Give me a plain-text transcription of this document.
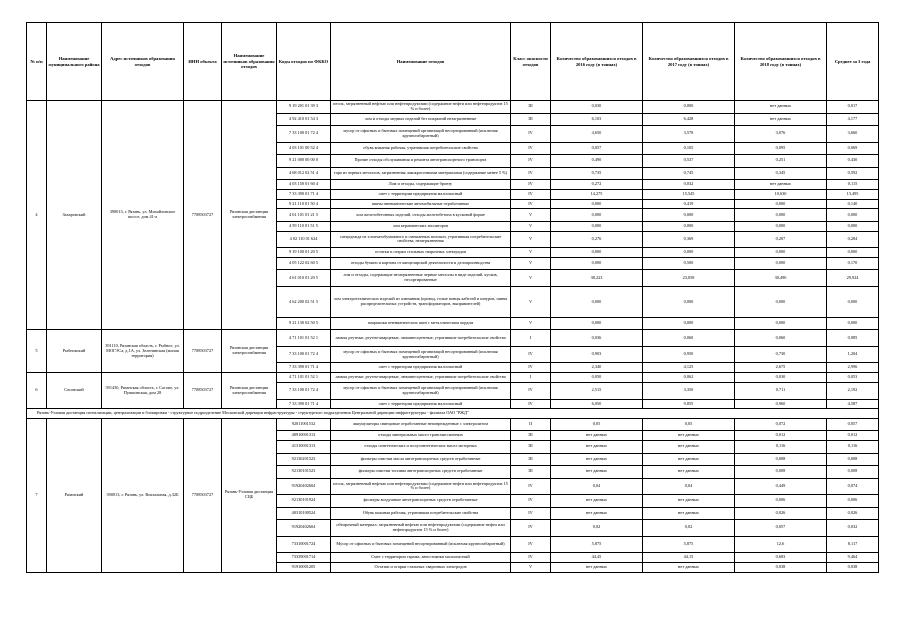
№ п/п	Наименование муниципального района	Адрес источников образования отходов	ИНН объекта	Наименование источников образования отходов	Коды отходов по ФККО	Наименование отходов	Класс опасности отходов	Количество образовавшихся отходов в 2016 году (в тоннах)	Количество образовавшихся отходов в 2017 году (в тоннах)	Количество образовавшихся отходов в 2018 году (в тоннах)	Среднее за 3 года
4	Захаровский	390013, г. Рязань, ул. Михайловское шоссе, дом 41-а	7708503727	Рязанская дистанция электроснабжения	9 19 201 01 39 3	песок, загрязненный нефтью или нефтепродуктами (содержание нефти или нефтепродуктов 15 % и более)	III	0,030	0,000	нет данных	0,017
					4 92 410 01 54 3	лом и отходы медных изделий без покрытий незагрязненные	III	6,103	6,428	нет данных	4,177
					7 33 100 01 72 4	мусор от офисных и бытовых помещений организаций несортированный (исключая крупногабаритный)	IV	4,650	3,578	3,076	3,660
					4 03 101 00 52 4	обувь кожаная рабочая, утратившая потребительские свойства	IV	0,057	0,105	0,095	0,069
					9 21 000 00 00 0	Прочие отходы обслуживания и ремонта автотранспортного транспорта	IV	0,490	0,537	0,251	0,430
					4 68 012 02 51 4	тара из черных металлов, загрязненная лакокрасочными материалами (содержание менее 5 %)	IV	0,735	0,745	0,345	0,592
					4 03 150 01 60 4	Лом и отходы, содержащие бронзу	IV	0,272	0,032	нет данных	0,115
					7 33 390 01 71 4	смет с территории предприятия малоопасный	IV	14,275	15,545	10,630	13,495
					9 21 110 01 50 4	шины пневматические автомобильные отработанные	IV	0,000	0,419	0,000	0,140
					4 61 101 01 21 5	лом железобетонных изделий, отходы железобетона в кусковой форме	V	0,000	0,000	0,000	0,000
					4 59 110 01 51 5	лом керамических изоляторов	V	0,000	0,000	0,000	0,000
					4 02 110 01 624	спецодежда из хлопчатобумажного и смешанных волокон, утратившая потребительские свойства, незагрязненная	V	0,276	0,369	0,207	0,284
					9 19 100 01 20 5	остатки и огарки стальных сварочных электродов	V	0,000	0,000	0,000	0,000
					4 05 122 02 60 5	отходы бумаги и картона от канцелярской деятельности и делопроизводства	V	0,000	0,500	0,000	0,170
					4 61 010 01 20 5	лом и отходы, содержащие незагрязненные черные металлы в виде изделий, кусков, несортированные	V	38,223	23,058	30,490	29,924
					4 62 200 02 51 5	лом электротехнических изделий из алюминия (провод, голые концы кабелей и шнуров, шины распределительных устройств, трансформаторов, выпрямителей)	V	0,000	0,000	0,000	0,000
					9 21 130 02 50 5	покрышки пневматических шин с металлическим кордом	V	0,000	0,000	0,000	0,000
5	Рыбновский	391110, Рязанская область, г. Рыбное, ул. МОГЭСа, д.1А, ул. Зеленинская (жилая территория)	7708503727	Рязанская дистанция электроснабжения	4 71 101 01 52 1	лампы ртутные, ртутно-кварцевые, люминесцентные, утратившие потребительские свойства	I	0,036	0,060	0,060	0,085
					7 33 100 01 72 4	мусор от офисных и бытовых помещений организаций несортированный (исключая крупногабаритный)	IV	0,903	0,950	0,730	1,204
					7 33 390 01 71 4	смет с территории предприятия малоопасный	IV	2,340	4,125	2,675	2,996
6	Сасовский	391430, Рязанская область, г. Сасово, ул. Пушкинская, дом 28	7708503727	Рязанская дистанция электроснабжения	4 71 101 01 52 1	лампы ртутные, ртутно-кварцевые, люминесцентные, утратившие потребительские свойства	I	0,050	0,062	0,030	0,053
					7 33 100 01 72 4	мусор от офисных и бытовых помещений организаций несортированный (исключая крупногабаритный)	IV	2,515	3,350	0,711	2,192
					7 33 390 01 71 4	смет с территории предприятия малоопасный	IV	6,050	9,855	0,960	4,587
Рязань-Узловая дистанция сигнализации, централизации и блокировки - структурное подразделение Московской дирекции инфраструктуры - структурного подразделения Центральной дирекции инфраструктуры - филиала ОАО "РЖД"											
7	Рязанский	390013, г. Рязань, ул. Вокзальная, д.32Б	7708503727	Рязань-Узловая дистанция СЦБ	92011001532	аккумуляторы свинцовые отработанные неповрежденные с электролитом	II	0,05	0,05	0,072	0,057
					40910001313	отходы минеральных масел трансмиссионных	III	нет данных	нет данных	0,012	0,012
					41310001313	отходы синтетических и полусинтетических масел моторных	III	нет данных	нет данных	0,116	0,116
					92130201523	фильтры очистки масла автотранспортных средств отработанные	III	нет данных	нет данных	0,008	0,008
					92130101523	фильтры очистки топлива автотранспортных средств отработанные	III	нет данных	нет данных	0,008	0,008
					91920402604	песок, загрязненный нефтью или нефтепродуктами (содержание нефти или нефтепродуктов 15 % и более)	IV	0,04	0,04	0,449	0,074
					92130101924	фильтры воздушные автотранспортных средств отработанные	IV	нет данных	нет данных	0,006	0,006
					40310100524	Обувь кожаная рабочая, утратившая потребительские свойства	IV	нет данных	нет данных	0,026	0,026
					91920402604	обтирочный материал, загрязненный нефтью или нефтепродуктами (содержание нефти или нефтепродуктов 15 % и более)	IV	0,02	0,02	0,057	0,032
					73310001724	Мусор от офисных и бытовых помещений несортированный (исключая крупногабаритный)	IV	5,875	5,875	12,6	8,117
					73339001714	Смет с территории гаража, автостоянки малоопасный	IV	44,45	44,15	0,683	9,464
					91910001205	Остатки и огарки стальных сварочных электродов	V	нет данных	нет данных	0,038	0,038
